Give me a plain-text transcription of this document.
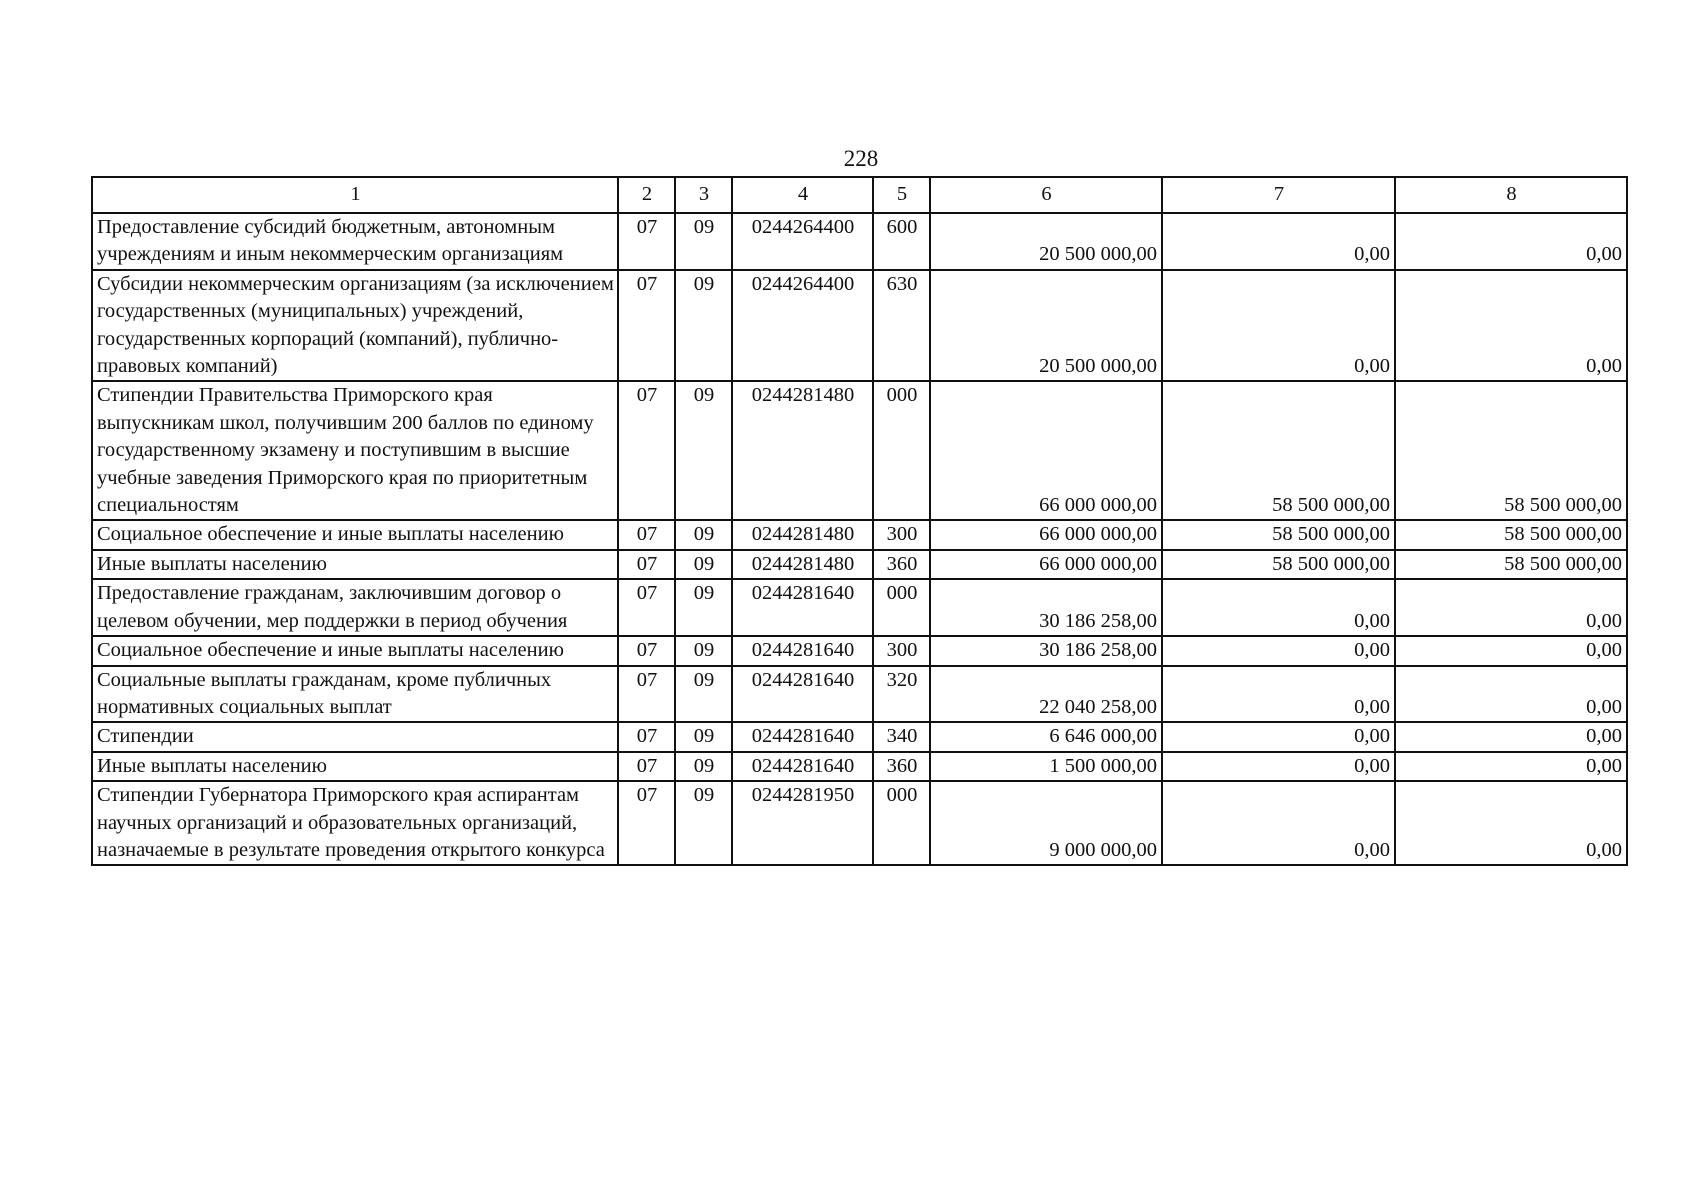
228
1	2	3	4	5	6	7	8
Предоставление субсидий бюджетным, автономным учреждениям и иным некоммерческим организациям	07	09	0244264400	600	20 500 000,00	0,00	0,00
Субсидии некоммерческим организациям (за исключением государственных (муниципальных) учреждений, государственных корпораций (компаний), публично-правовых компаний)	07	09	0244264400	630	20 500 000,00	0,00	0,00
Стипендии Правительства Приморского края выпускникам школ, получившим 200 баллов по единому государственному экзамену и поступившим в высшие учебные заведения Приморского края по приоритетным специальностям	07	09	0244281480	000	66 000 000,00	58 500 000,00	58 500 000,00
Социальное обеспечение и иные выплаты населению	07	09	0244281480	300	66 000 000,00	58 500 000,00	58 500 000,00
Иные выплаты населению	07	09	0244281480	360	66 000 000,00	58 500 000,00	58 500 000,00
Предоставление гражданам, заключившим договор о целевом обучении, мер поддержки в период обучения	07	09	0244281640	000	30 186 258,00	0,00	0,00
Социальное обеспечение и иные выплаты населению	07	09	0244281640	300	30 186 258,00	0,00	0,00
Социальные выплаты гражданам, кроме публичных нормативных социальных выплат	07	09	0244281640	320	22 040 258,00	0,00	0,00
Стипендии	07	09	0244281640	340	6 646 000,00	0,00	0,00
Иные выплаты населению	07	09	0244281640	360	1 500 000,00	0,00	0,00
Стипендии Губернатора Приморского края аспирантам научных организаций и образовательных организаций, назначаемые в результате проведения открытого конкурса	07	09	0244281950	000	9 000 000,00	0,00	0,00
